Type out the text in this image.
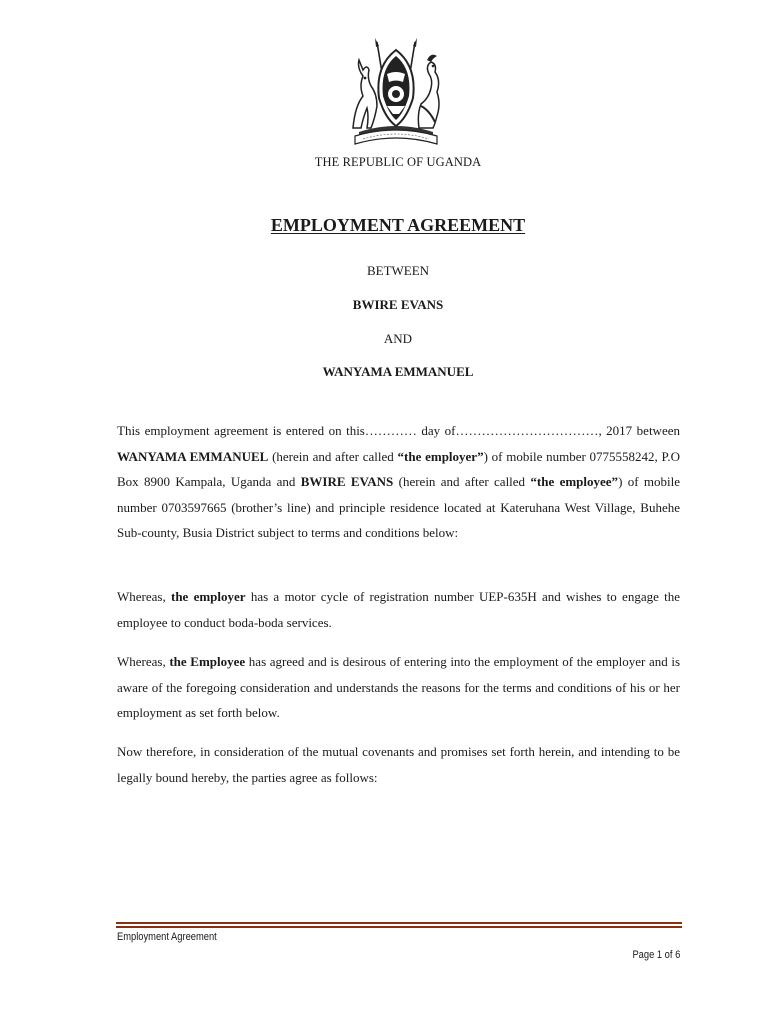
THE REPUBLIC OF UGANDA
EMPLOYMENT AGREEMENT
BETWEEN
BWIRE EVANS
AND
WANYAMA EMMANUEL

This employment agreement is entered on this………… day of……………………………, 2017 between WANYAMA EMMANUEL (herein and after called “the employer”) of mobile number 0775558242, P.O Box 8900 Kampala, Uganda and BWIRE EVANS (herein and after called “the employee”) of mobile number 0703597665 (brother’s line) and principle residence located at Kateruhana West Village, Buhehe Sub-county, Busia District subject to terms and conditions below:

Whereas, the employer has a motor cycle of registration number UEP-635H and wishes to engage the employee to conduct boda-boda services.

Whereas, the Employee has agreed and is desirous of entering into the employment of the employer and is aware of the foregoing consideration and understands the reasons for the terms and conditions of his or her employment as set forth below.

Now therefore, in consideration of the mutual covenants and promises set forth herein, and intending to be legally bound hereby, the parties agree as follows:

Employment Agreement
Page 1 of 6
